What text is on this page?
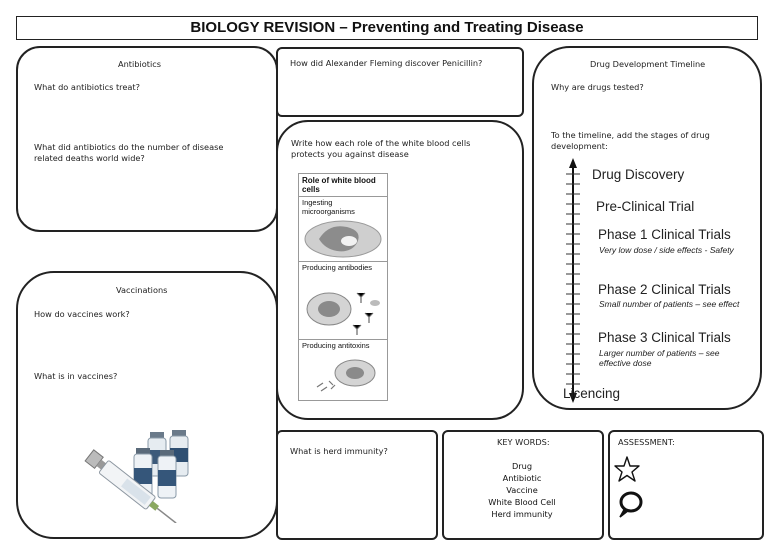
BIOLOGY REVISION – Preventing and Treating Disease
Antibiotics
What do antibiotics treat?
What did antibiotics do the number of disease related deaths world wide?
How did Alexander Fleming discover Penicillin?	Drug Development Timeline
Why are drugs tested?
To the timeline, add the stages of drug development:
Drug Discovery
Pre-Clinical Trial
Phase 1 Clinical Trials
Very low dose / side effects - Safety
Phase 2 Clinical Trials
Small number of patients – see effect
Phase 3 Clinical Trials
Larger number of patients – see effective dose
Licencing
Write how each role of the white blood cells protects you against disease
Role of white blood cells
Ingesting microorganisms
Producing antibodies
Producing antitoxins
Vaccinations
How do vaccines work?
What is in vaccines?
What is herd immunity?
KEY WORDS:
Drug
Antibiotic
Vaccine
White Blood Cell
Herd immunity
ASSESSMENT:
